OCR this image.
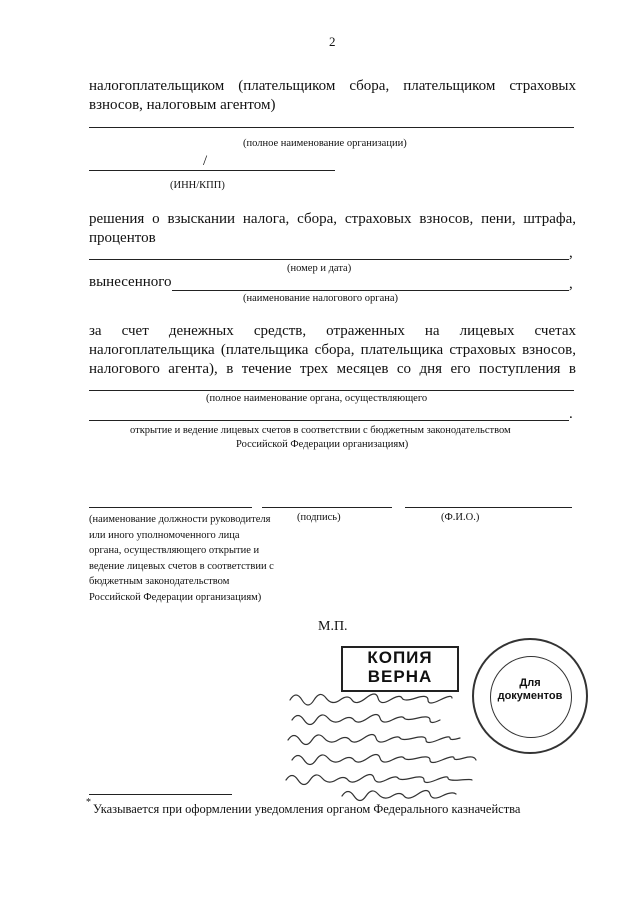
2
налогоплательщиком (плательщиком сбора, плательщиком страховых
взносов, налоговым агентом)
(полное наименование организации)
/
(ИНН/КПП)
решения о взыскании налога, сбора, страховых взносов, пени, штрафа,
процентов
,
(номер и дата)
вынесенного	,
(наименование налогового органа)
за счет денежных средств, отраженных на лицевых счетах
налогоплательщика (плательщика сбора, плательщика страховых взносов,
налогового агента), в течение трех месяцев со дня его поступления в
(полное наименование органа, осуществляющего
.
открытие и ведение лицевых счетов в соответствии с бюджетным законодательством
Российской Федерации организациям)
(наименование должности руководителя или иного уполномоченного лица органа, осуществляющего открытие и ведение лицевых счетов в соответствии с бюджетным законодательством Российской Федерации организациям)
(подпись)	(Ф.И.О.)
М.П.
КОПИЯ
ВЕРНА	Для
документов
* Указывается при оформлении уведомления органом Федерального казначейства
